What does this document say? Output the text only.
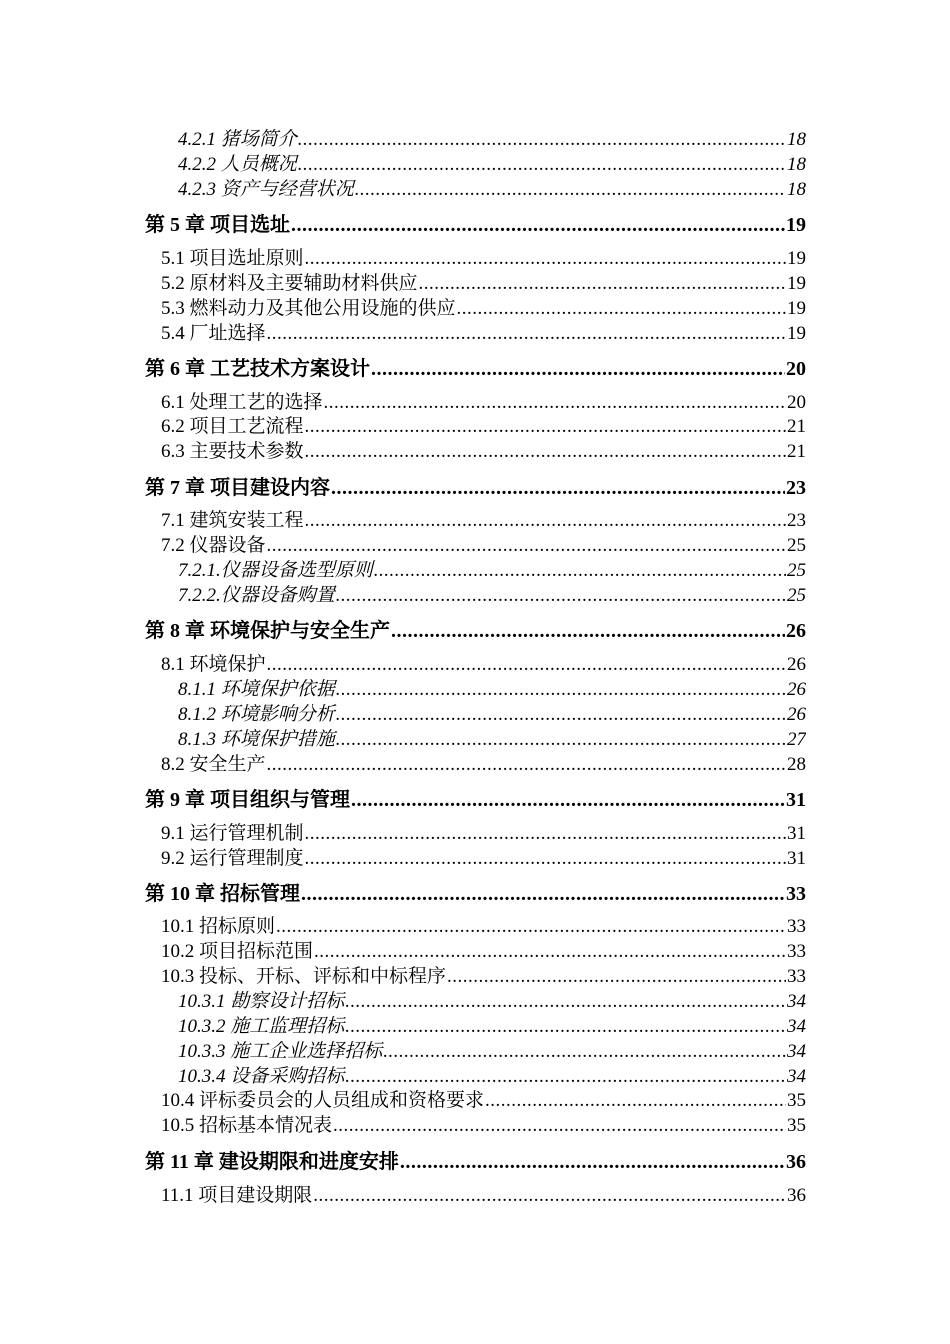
4.2.1 猪场简介 .....	18
4.2.2 人员概况 .....	18
4.2.3 资产与经营状况 .....	18
第 5 章 项目选址 .....	19
5.1 项目选址原则 .....	19
5.2 原材料及主要辅助材料供应 .....	19
5.3 燃料动力及其他公用设施的供应 .....	19
5.4 厂址选择 .....	19
第 6 章 工艺技术方案设计 .....	20
6.1 处理工艺的选择 .....	20
6.2 项目工艺流程 .....	21
6.3 主要技术参数 .....	21
第 7 章 项目建设内容 .....	23
7.1 建筑安装工程 .....	23
7.2 仪器设备 .....	25
7.2.1.仪器设备选型原则 .....	25
7.2.2.仪器设备购置 .....	25
第 8 章 环境保护与安全生产 .....	26
8.1 环境保护 .....	26
8.1.1 环境保护依据 .....	26
8.1.2 环境影响分析 .....	26
8.1.3 环境保护措施 .....	27
8.2 安全生产 .....	28
第 9 章 项目组织与管理 .....	31
9.1 运行管理机制 .....	31
9.2 运行管理制度 .....	31
第 10 章 招标管理 .....	33
10.1 招标原则 .....	33
10.2 项目招标范围 .....	33
10.3 投标、开标、评标和中标程序 .....	33
10.3.1 勘察设计招标 .....	34
10.3.2 施工监理招标 .....	34
10.3.3 施工企业选择招标 .....	34
10.3.4 设备采购招标 .....	34
10.4 评标委员会的人员组成和资格要求 .....	35
10.5 招标基本情况表 .....	35
第 11 章 建设期限和进度安排 .....	36
11.1 项目建设期限 .....	36
